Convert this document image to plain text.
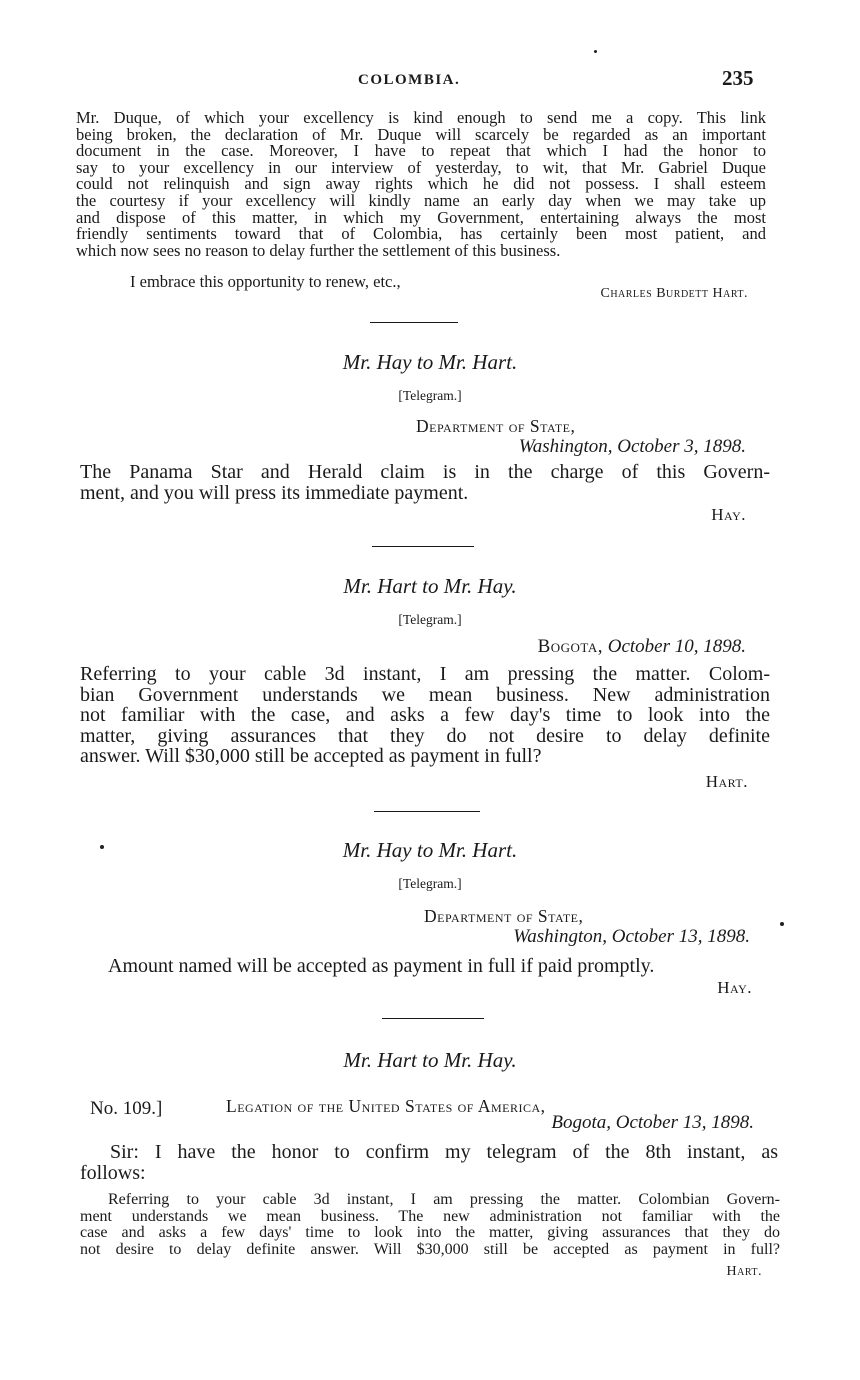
COLOMBIA.	235
Mr. Duque, of which your excellency is kind enough to send me a copy. This link
being broken, the declaration of Mr. Duque will scarcely be regarded as an important
document in the case. Moreover, I have to repeat that which I had the honor to
say to your excellency in our interview of yesterday, to wit, that Mr. Gabriel Duque
could not relinquish and sign away rights which he did not possess. I shall esteem
the courtesy if your excellency will kindly name an early day when we may take up
and dispose of this matter, in which my Government, entertaining always the most
friendly sentiments toward that of Colombia, has certainly been most patient, and
which now sees no reason to delay further the settlement of this business.
I embrace this opportunity to renew, etc.,
Charles Burdett Hart.
Mr. Hay to Mr. Hart.
[Telegram.]
Department of State,
Washington, October 3, 1898.
The Panama Star and Herald claim is in the charge of this Govern-
ment, and you will press its immediate payment.
Hay.
Mr. Hart to Mr. Hay.
[Telegram.]
Bogota, October 10, 1898.
Referring to your cable 3d instant, I am pressing the matter. Colom-
bian Government understands we mean business. New administration
not familiar with the case, and asks a few day's time to look into the
matter, giving assurances that they do not desire to delay definite
answer. Will $30,000 still be accepted as payment in full?
Hart.
Mr. Hay to Mr. Hart.
[Telegram.]
Department of State,
Washington, October 13, 1898.
Amount named will be accepted as payment in full if paid promptly.
Hay.
Mr. Hart to Mr. Hay.
No. 109.]	Legation of the United States of America,
Bogota, October 13, 1898.
Sir: I have the honor to confirm my telegram of the 8th instant, as
follows:
Referring to your cable 3d instant, I am pressing the matter. Colombian Govern-
ment understands we mean business. The new administration not familiar with the
case and asks a few days' time to look into the matter, giving assurances that they do
not desire to delay definite answer. Will $30,000 still be accepted as payment in full?
Hart.
